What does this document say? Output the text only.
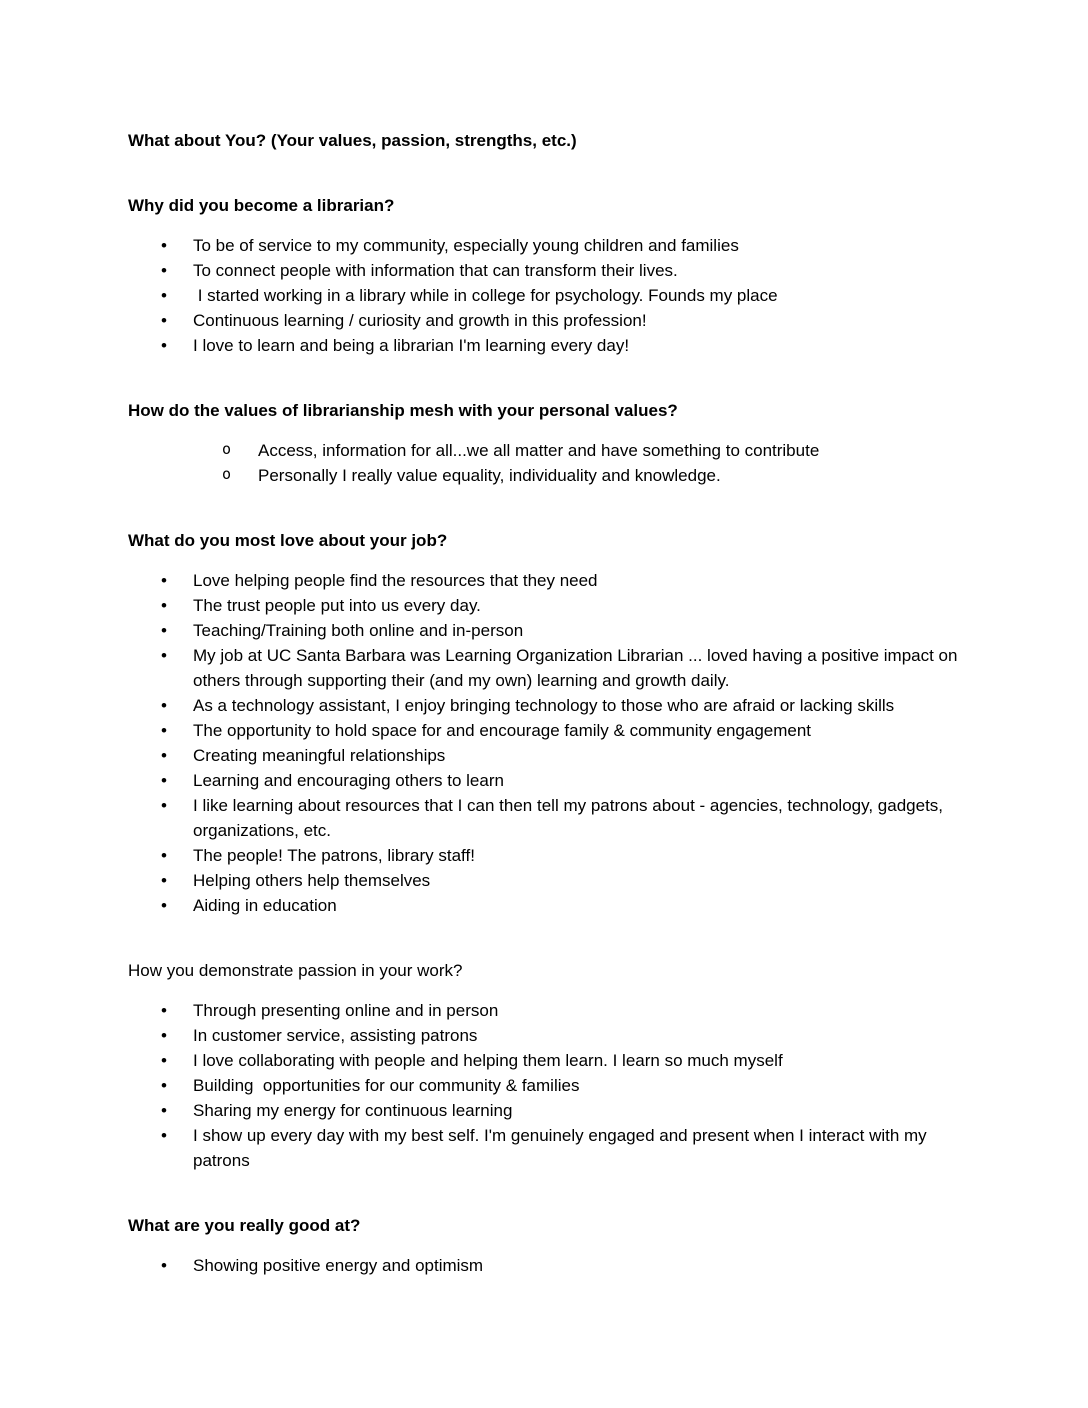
What about You? (Your values, passion, strengths, etc.)
Why did you become a librarian?
• To be of service to my community, especially young children and families
• To connect people with information that can transform their lives.
•  I started working in a library while in college for psychology. Founds my place
• Continuous learning / curiosity and growth in this profession!
• I love to learn and being a librarian I'm learning every day!
How do the values of librarianship mesh with your personal values?
o Access, information for all...we all matter and have something to contribute
o Personally I really value equality, individuality and knowledge.
What do you most love about your job?
• Love helping people find the resources that they need
• The trust people put into us every day.
• Teaching/Training both online and in-person
• My job at UC Santa Barbara was Learning Organization Librarian ... loved having a positive impact on others through supporting their (and my own) learning and growth daily.
• As a technology assistant, I enjoy bringing technology to those who are afraid or lacking skills
• The opportunity to hold space for and encourage family & community engagement
• Creating meaningful relationships
• Learning and encouraging others to learn
• I like learning about resources that I can then tell my patrons about - agencies, technology, gadgets, organizations, etc.
• The people! The patrons, library staff!
• Helping others help themselves
• Aiding in education
How you demonstrate passion in your work?
• Through presenting online and in person
• In customer service, assisting patrons
• I love collaborating with people and helping them learn. I learn so much myself
• Building  opportunities for our community & families
• Sharing my energy for continuous learning
• I show up every day with my best self. I'm genuinely engaged and present when I interact with my patrons
What are you really good at?
• Showing positive energy and optimism
